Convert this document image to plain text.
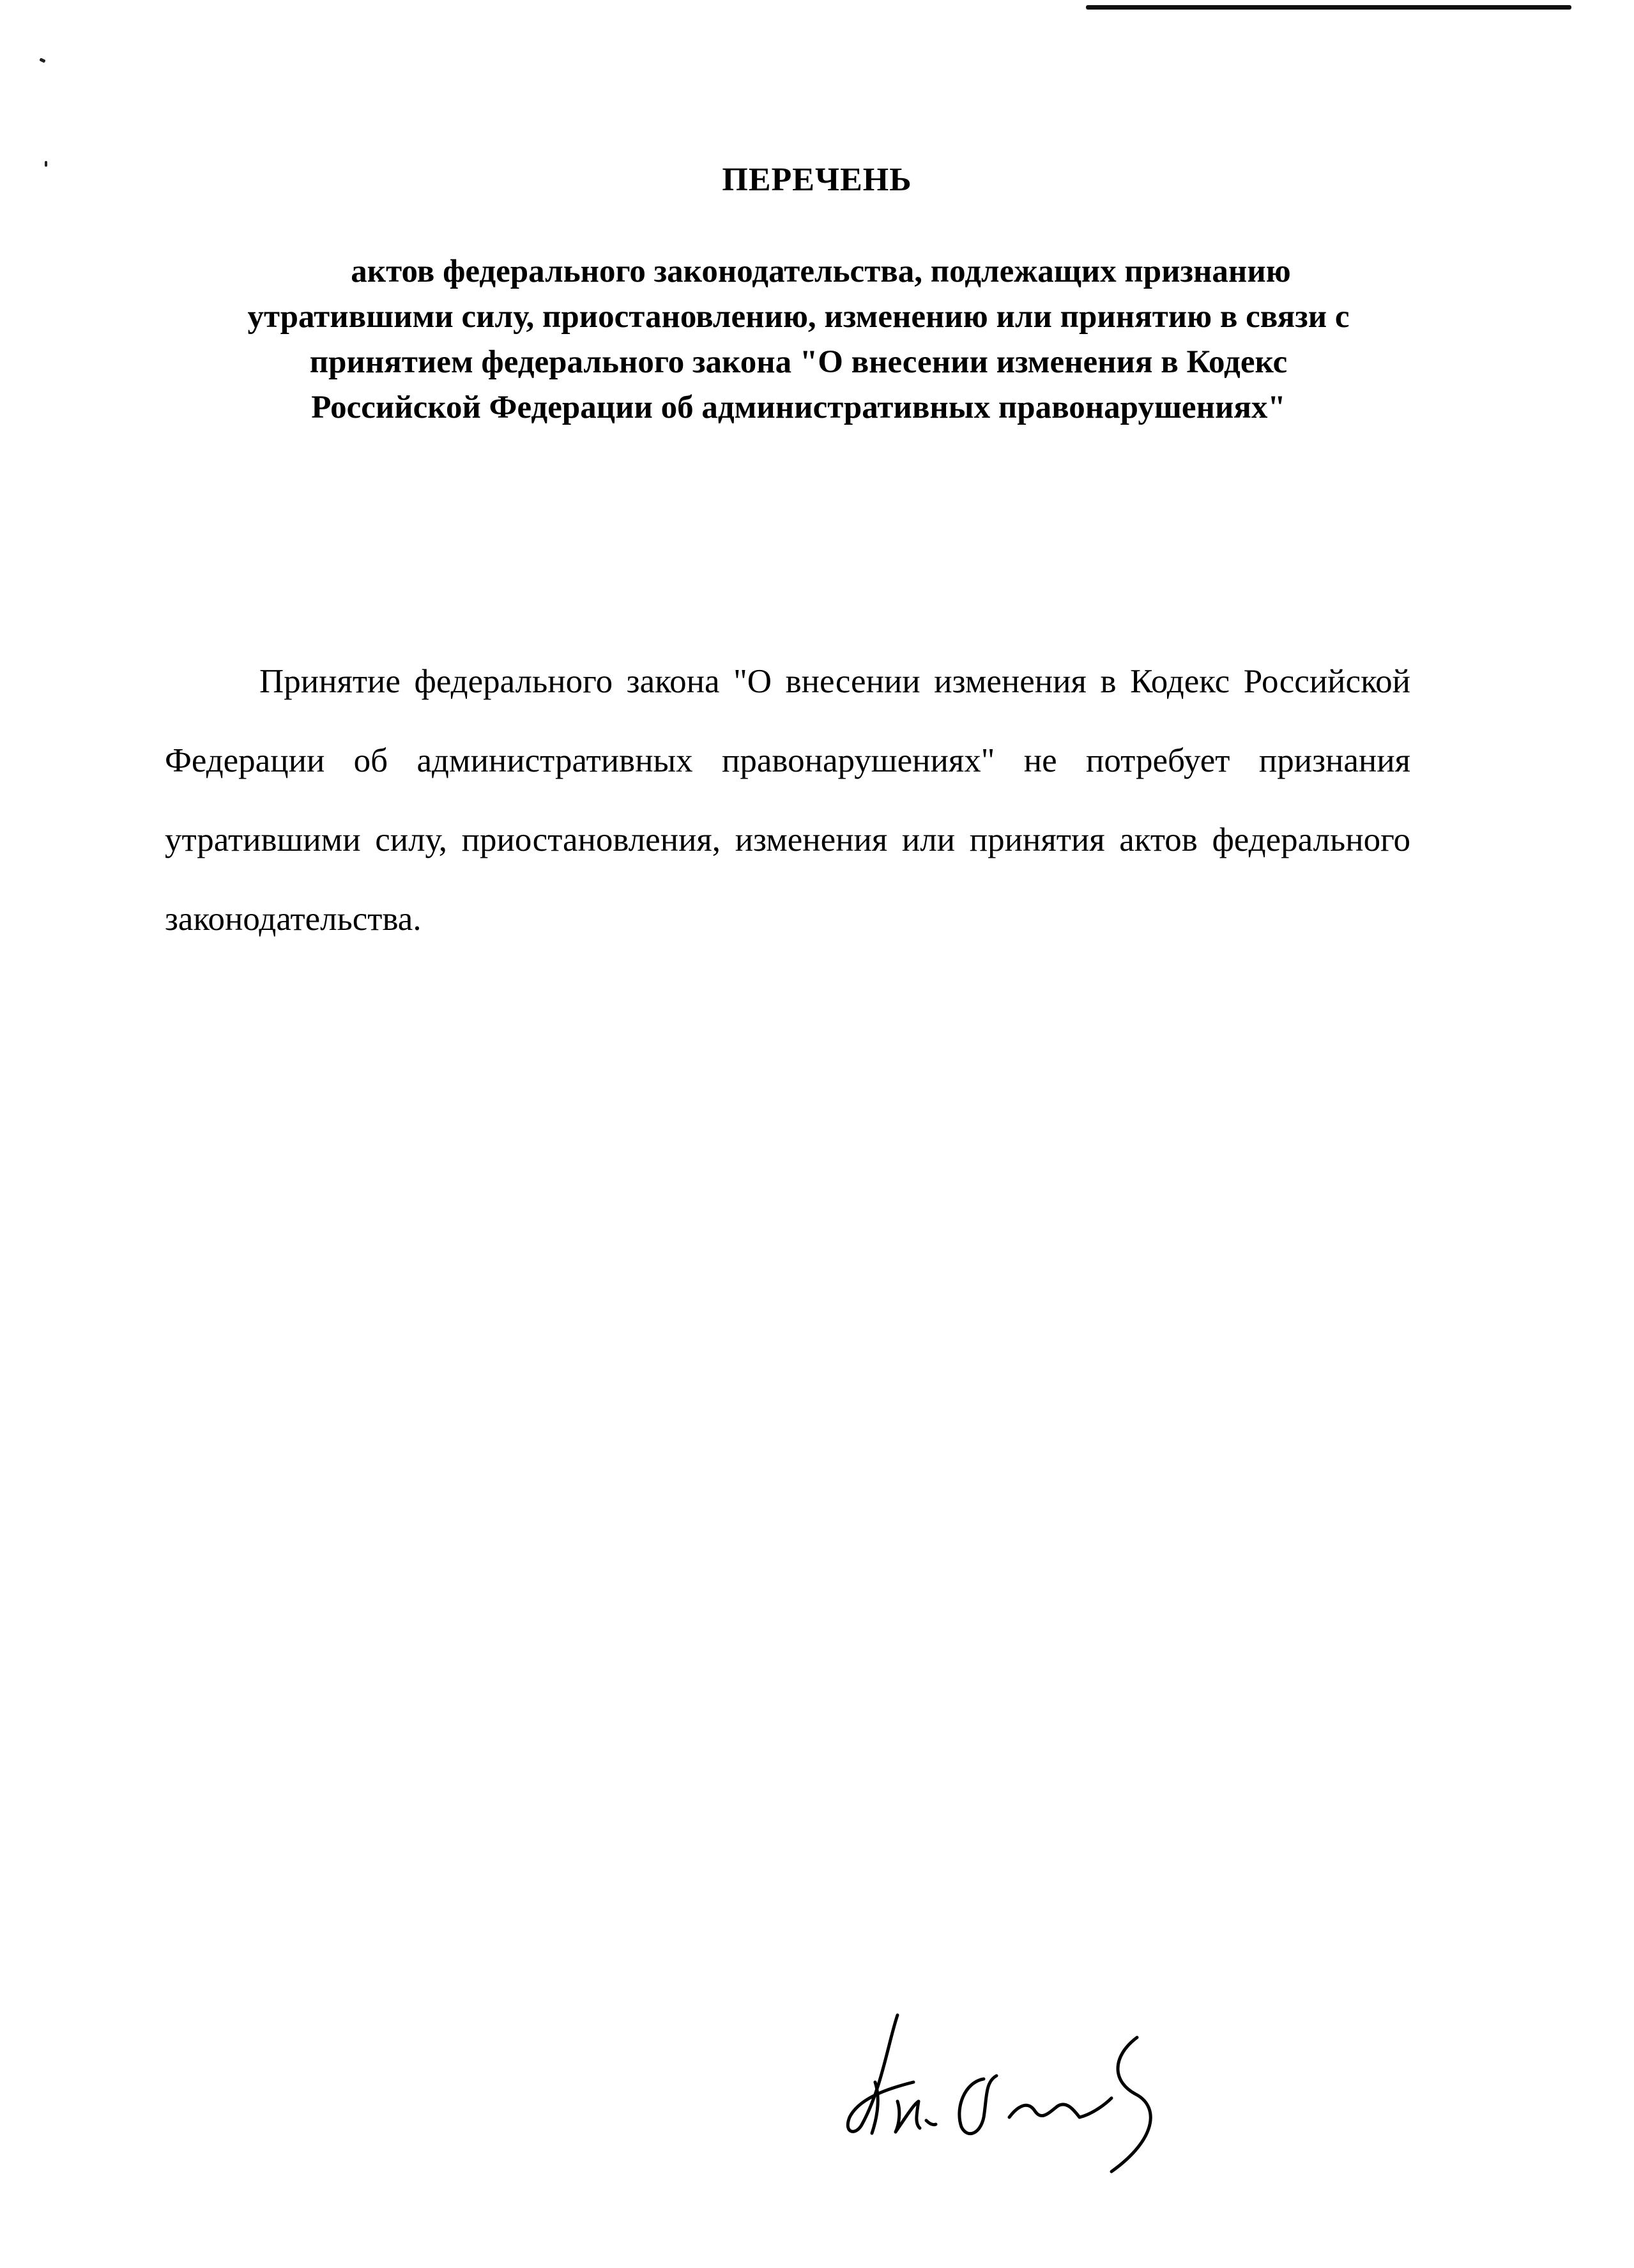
ПЕРЕЧЕНЬ

актов федерального законодательства, подлежащих признанию
утратившими силу, приостановлению, изменению или принятию в связи с
принятием федерального закона "О внесении изменения в Кодекс
Российской Федерации об административных правонарушениях"

Принятие федерального закона "О внесении изменения в Кодекс Российской Федерации об административных правонарушениях" не потребует признания утратившими силу, приостановления, изменения или принятия актов федерального законодательства.
